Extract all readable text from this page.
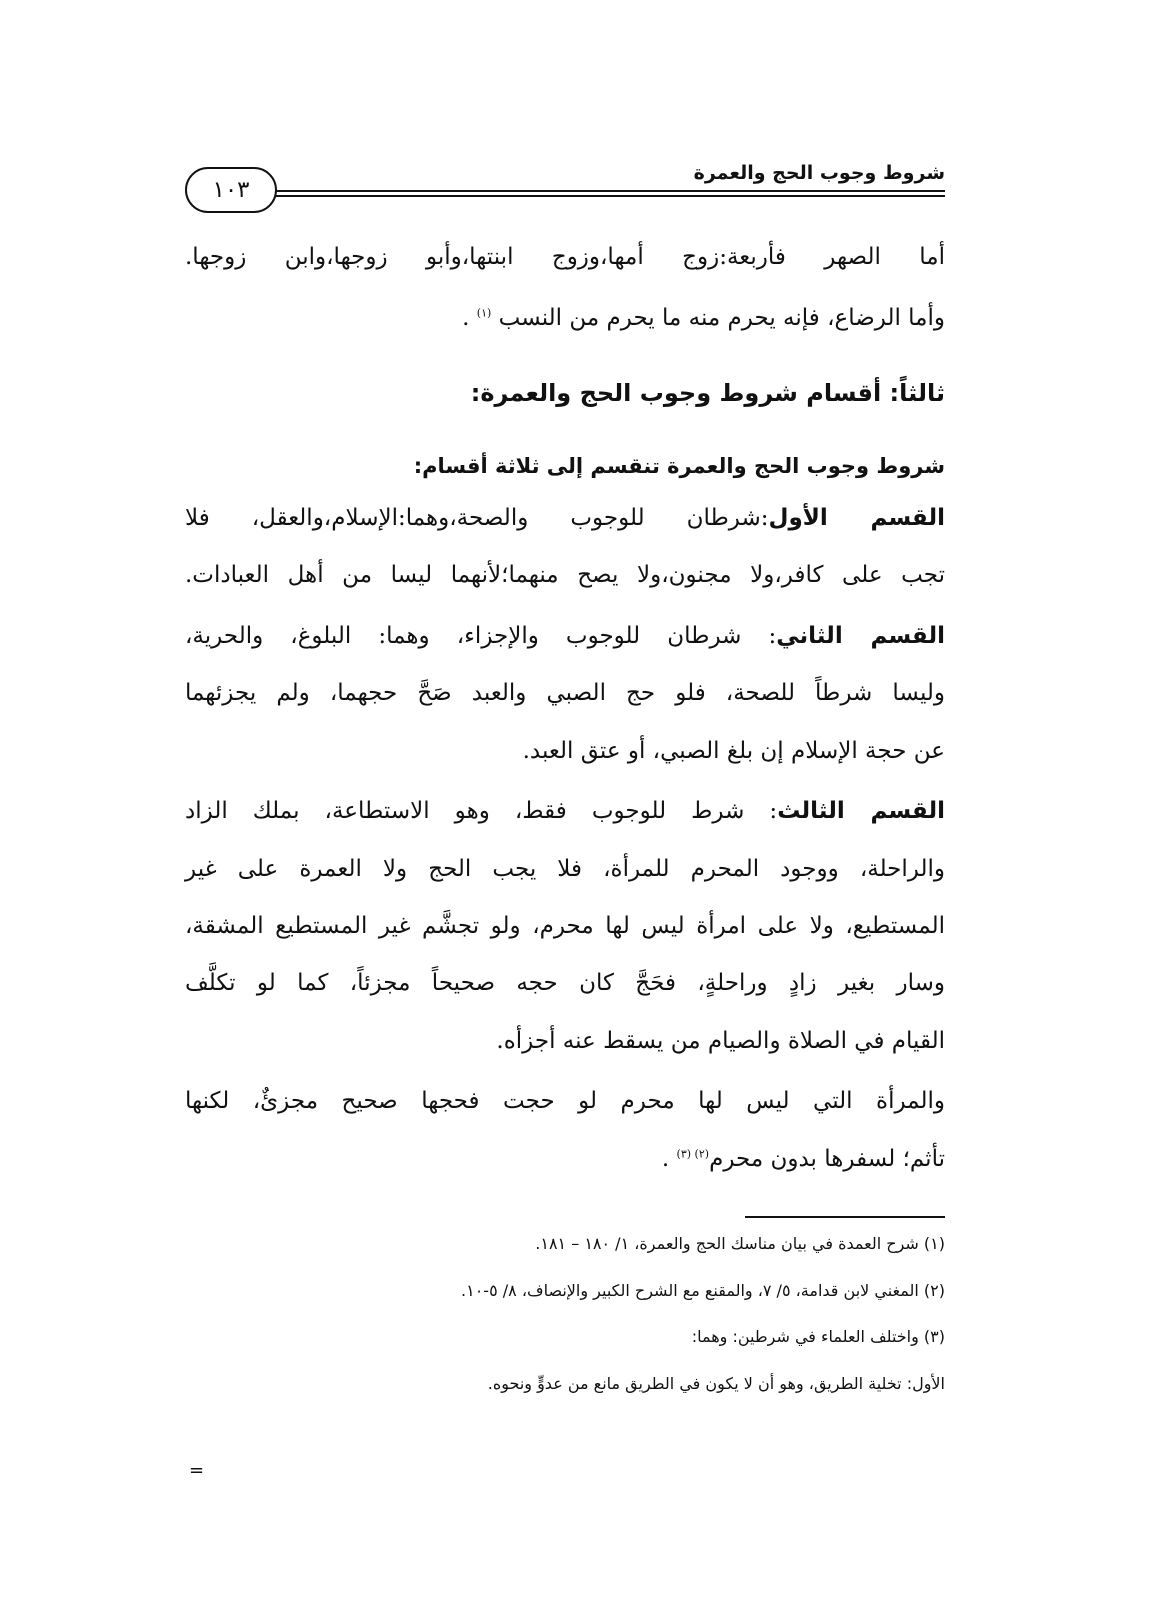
شروط وجوب الحج والعمرة
١٠٣
أما الصهر فأربعة:زوج أمها،وزوج ابنتها،وأبو زوجها،وابن زوجها.
وأما الرضاع، فإنه يحرم منه ما يحرم من النسب $^{(١)}$ .
ثالثاً: أقسام شروط وجوب الحج والعمرة:
شروط وجوب الحج والعمرة تنقسم إلى ثلاثة أقسام:
القسم الأول:شرطان للوجوب والصحة،وهما:الإسلام،والعقل، فلا
تجب على كافر،ولا مجنون،ولا يصح منهما؛لأنهما ليسا من أهل العبادات.
القسم الثاني: شرطان للوجوب والإجزاء، وهما: البلوغ، والحرية،
وليسا شرطاً للصحة، فلو حج الصبي والعبد صَحَّ حجهما، ولم يجزئهما
عن حجة الإسلام إن بلغ الصبي، أو عتق العبد.
القسم الثالث: شرط للوجوب فقط، وهو الاستطاعة، بملك الزاد
والراحلة، ووجود المحرم للمرأة، فلا يجب الحج ولا العمرة على غير
المستطيع، ولا على امرأة ليس لها محرم، ولو تجشَّم غير المستطيع المشقة،
وسار بغير زادٍ وراحلةٍ، فحَجَّ كان حجه صحيحاً مجزئاً، كما لو تكلَّف
القيام في الصلاة والصيام من يسقط عنه أجزأه.
والمرأة التي ليس لها محرم لو حجت فحجها صحيح مجزئٌ، لكنها
تأثم؛ لسفرها بدون محرم$^{(٢) (٣)}$ .
(١) شرح العمدة في بيان مناسك الحج والعمرة، ١/ ١٨٠ – ١٨١.
(٢) المغني لابن قدامة، ٥/ ٧، والمقنع مع الشرح الكبير والإنصاف، ٨/ ٥-١٠.
(٣) واختلف العلماء في شرطين: وهما:
الأول: تخلية الطريق، وهو أن لا يكون في الطريق مانع من عدوٍّ ونحوه.
=
